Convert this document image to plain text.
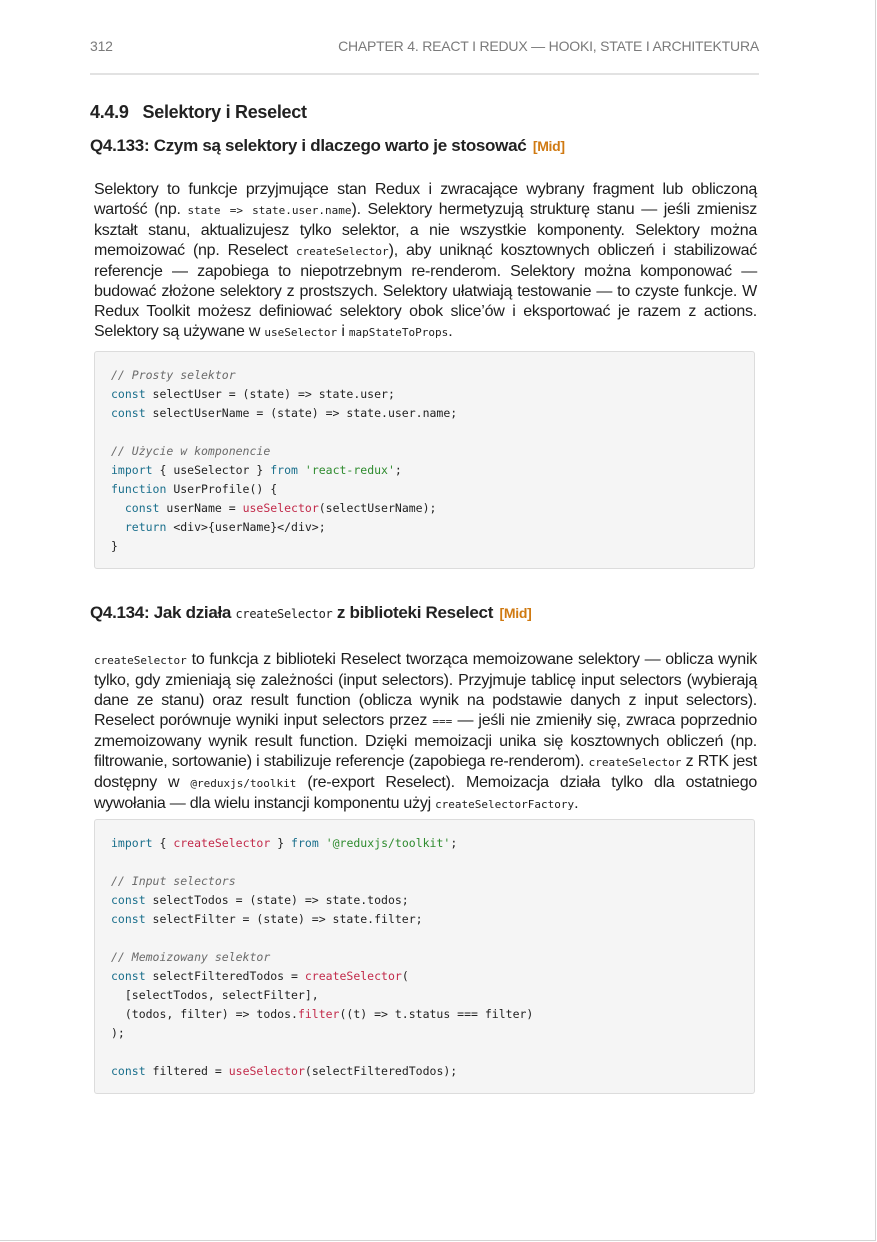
312	CHAPTER 4. REACT I REDUX — HOOKI, STATE I ARCHITEKTURA
4.4.9 Selektory i Reselect
Q4.133: Czym są selektory i dlaczego warto je stosować [Mid]

Selektory to funkcje przyjmujące stan Redux i zwracające wybrany fragment lub obliczoną wartość (np. state => state.user.name). Selektory hermetyzują strukturę stanu — jeśli zmienisz kształt stanu, aktualizujesz tylko selektor, a nie wszystkie komponenty. Selektory można memoizować (np. Reselect createSelector), aby uniknąć kosztownych obliczeń i stabilizować referencje — zapobiega to niepotrzebnym re-renderom. Selektory można komponować — budować złożone selektory z prostszych. Selektory ułatwiają testowanie — to czyste funkcje. W Redux Toolkit możesz definiować selektory obok slice’ów i eksportować je razem z actions. Selektory są używane w useSelector i mapStateToProps.

// Prosty selektor
const selectUser = (state) => state.user;
const selectUserName = (state) => state.user.name;

// Użycie w komponencie
import { useSelector } from 'react-redux';
function UserProfile() {
const userName = useSelector(selectUserName);
return <div>{userName}</div>;
}
Q4.134: Jak działa createSelector z biblioteki Reselect [Mid]

createSelector to funkcja z biblioteki Reselect tworząca memoizowane selektory — oblicza wynik tylko, gdy zmieniają się zależności (input selectors). Przyjmuje tablicę input selectors (wybierają dane ze stanu) oraz result function (oblicza wynik na podstawie danych z input selectors). Reselect porównuje wyniki input selectors przez === — jeśli nie zmieniły się, zwraca poprzednio zmemoizowany wynik result function. Dzięki memoizacji unika się kosztownych obliczeń (np. filtrowanie, sortowanie) i stabilizuje referencje (zapobiega re-renderom). createSelector z RTK jest dostępny w @reduxjs/toolkit (re-export Reselect). Memoizacja działa tylko dla ostatniego wywołania — dla wielu instancji komponentu użyj createSelectorFactory.

import { createSelector } from '@reduxjs/toolkit';

// Input selectors
const selectTodos = (state) => state.todos;
const selectFilter = (state) => state.filter;

// Memoizowany selektor
const selectFilteredTodos = createSelector(
[selectTodos, selectFilter],
(todos, filter) => todos.filter((t) => t.status === filter)
);

const filtered = useSelector(selectFilteredTodos);
